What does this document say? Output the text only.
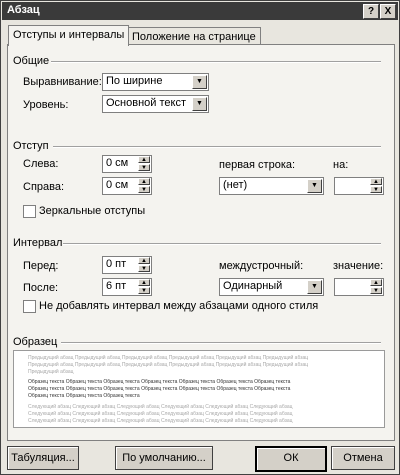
Абзац	?	X
Отступы и интервалы Положение на странице
Общие
Выравнивание: По ширине	▼
Уровень:	Основной текст	▼
Отступ
Слева:	0 см	▲
▼
Справа:	0 см	▲
▼
первая строка:
(нет)	▼
на:
▲
▼
Зеркальные отступы
Интервал
Перед:	0 пт	▲
▼
После:	6 пт	▲
▼
междустрочный:
Одинарный	▼
значение:
▲
▼
Не добавлять интервал между абзацами одного стиля
Образец
Предыдущий абзац Предыдущий абзац Предыдущий абзац Предыдущий абзац Предыдущий абзац Предыдущий абзац
Предыдущий абзац Предыдущий абзац Предыдущий абзац Предыдущий абзац Предыдущий абзац Предыдущий абзац
Предыдущий абзац
Образец текста Образец текста Образец текста Образец текста Образец текста Образец текста Образец текста
Образец текста Образец текста Образец текста Образец текста Образец текста Образец текста Образец текста
Образец текста Образец текста Образец текста
Следующий абзац Следующий абзац Следующий абзац Следующий абзац Следующий абзац Следующий абзац
Следующий абзац Следующий абзац Следующий абзац Следующий абзац Следующий абзац Следующий абзац
Следующий абзац Следующий абзац Следующий абзац Следующий абзац Следующий абзац Следующий абзац
Табуляция...	По умолчанию...	ОК	Отмена
